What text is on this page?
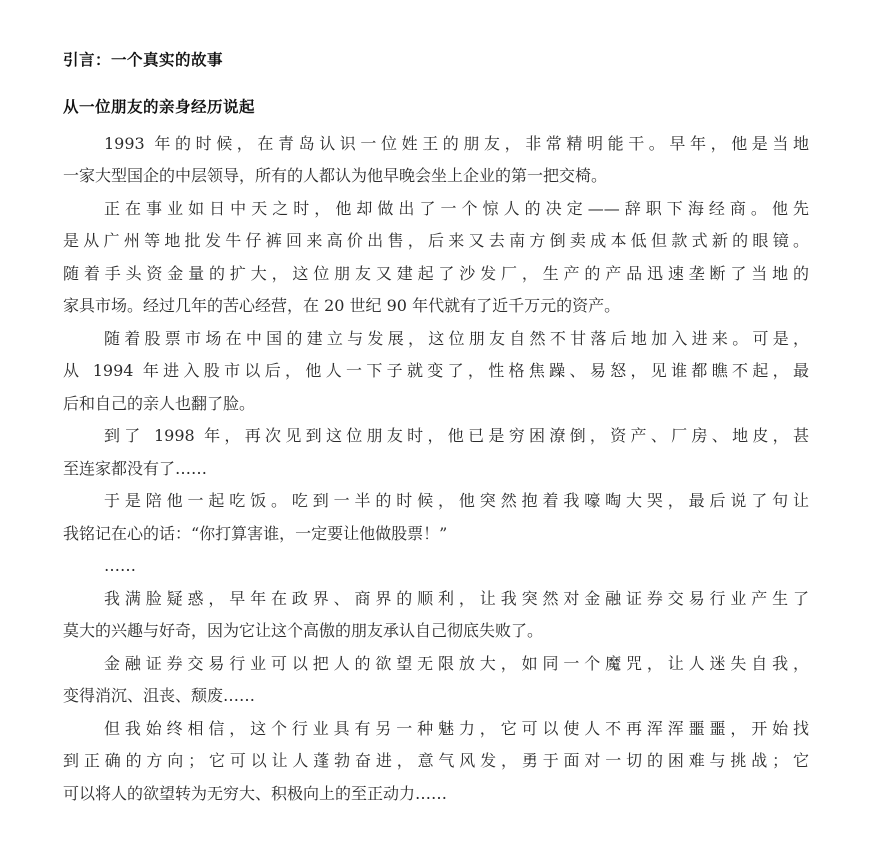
引言：一个真实的故事
从一位朋友的亲身经历说起
1993 年的时候，在青岛认识一位姓王的朋友，非常精明能干。早年，他是当地
一家大型国企的中层领导，所有的人都认为他早晚会坐上企业的第一把交椅。
正在事业如日中天之时，他却做出了一个惊人的决定——辞职下海经商。他先
是从广州等地批发牛仔裤回来高价出售，后来又去南方倒卖成本低但款式新的眼镜。
随着手头资金量的扩大，这位朋友又建起了沙发厂，生产的产品迅速垄断了当地的
家具市场。经过几年的苦心经营，在 20 世纪 90 年代就有了近千万元的资产。
随着股票市场在中国的建立与发展，这位朋友自然不甘落后地加入进来。可是，
从 1994 年进入股市以后，他人一下子就变了，性格焦躁、易怒，见谁都瞧不起，最
后和自己的亲人也翻了脸。
到了 1998 年，再次见到这位朋友时，他已是穷困潦倒，资产、厂房、地皮，甚
至连家都没有了……
于是陪他一起吃饭。吃到一半的时候，他突然抱着我嚎啕大哭，最后说了句让
我铭记在心的话：“你打算害谁，一定要让他做股票！”
……
我满脸疑惑，早年在政界、商界的顺利，让我突然对金融证券交易行业产生了
莫大的兴趣与好奇，因为它让这个高傲的朋友承认自己彻底失败了。
金融证券交易行业可以把人的欲望无限放大，如同一个魔咒，让人迷失自我，
变得消沉、沮丧、颓废……
但我始终相信，这个行业具有另一种魅力，它可以使人不再浑浑噩噩，开始找
到正确的方向；它可以让人蓬勃奋进，意气风发，勇于面对一切的困难与挑战；它
可以将人的欲望转为无穷大、积极向上的至正动力……
